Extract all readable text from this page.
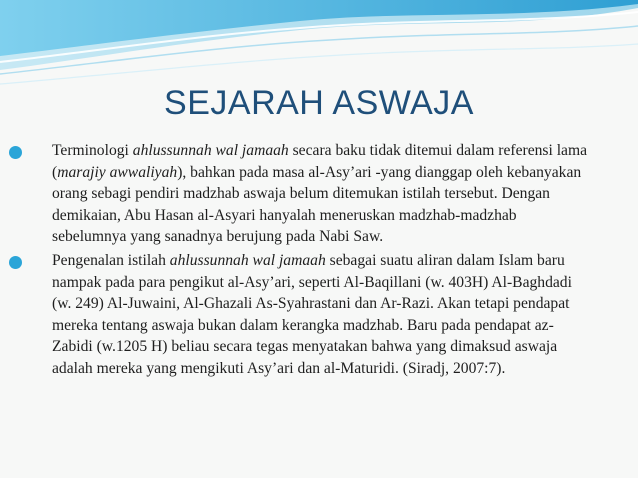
SEJARAH ASWAJA
Terminologi ahlussunnah wal jamaah secara baku tidak ditemui dalam referensi lama (marajiy awwaliyah), bahkan pada masa al-Asy’ari -yang dianggap oleh kebanyakan orang sebagi pendiri madzhab aswaja belum ditemukan istilah tersebut. Dengan demikaian, Abu Hasan al-Asyari hanyalah meneruskan madzhab-madzhab sebelumnya yang sanadnya berujung pada Nabi Saw.
Pengenalan istilah ahlussunnah wal jamaah sebagai suatu aliran dalam Islam baru nampak pada para pengikut al-Asy’ari, seperti Al-Baqillani (w. 403H) Al-Baghdadi (w. 249) Al-Juwaini, Al-Ghazali As-Syahrastani dan Ar-Razi. Akan tetapi pendapat mereka tentang aswaja bukan dalam kerangka madzhab. Baru pada pendapat az-Zabidi (w.1205 H) beliau secara tegas menyatakan bahwa yang dimaksud aswaja adalah mereka yang mengikuti Asy’ari dan al-Maturidi. (Siradj, 2007:7).
